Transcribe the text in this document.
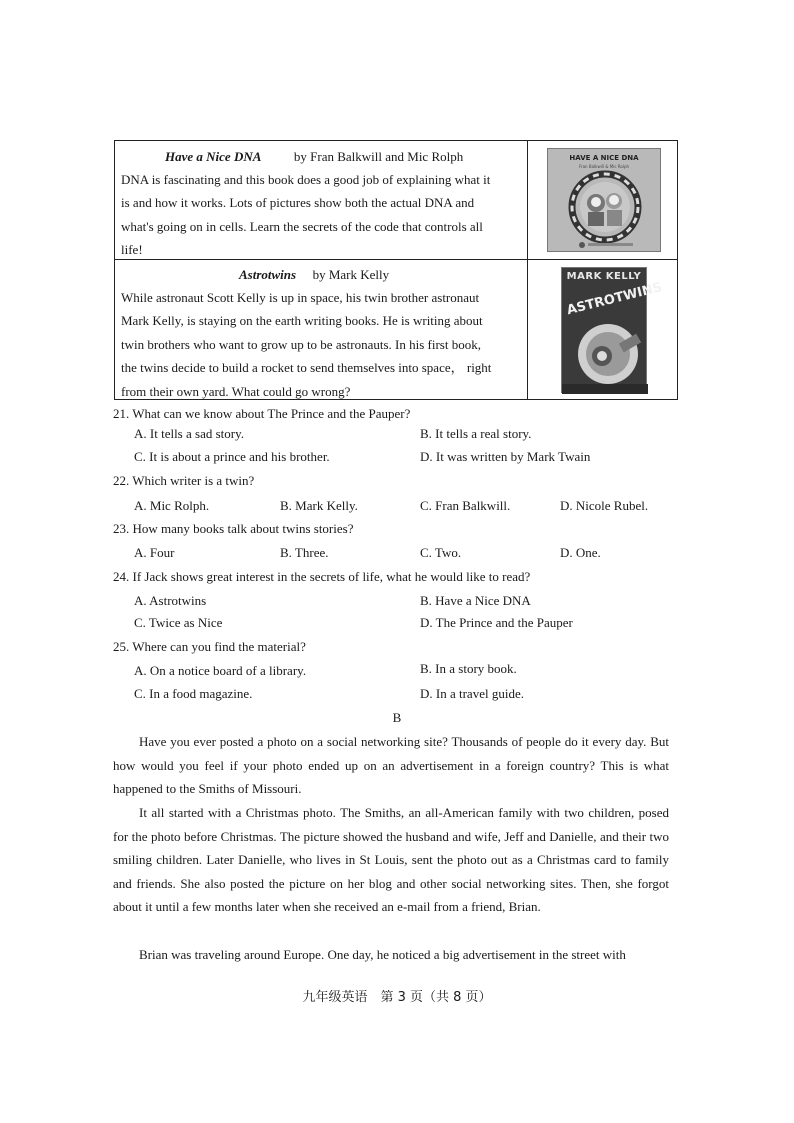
Have a Nice DNA	by Fran Balkwill and Mic Rolph
DNA is fascinating and this book does a good job of explaining what it
is and how it works. Lots of pictures show both the actual DNA and
what's going on in cells. Learn the secrets of the code that controls all
life!
HAVE A NICE DNA
Fran Balkwill & Mic Rolph
Astrotwins by Mark Kelly
While astronaut Scott Kelly is up in space, his twin brother astronaut
Mark Kelly, is staying on the earth writing books. He is writing about
twin brothers who want to grow up to be astronauts. In his first book,
the twins decide to build a rocket to send themselves into space， right
from their own yard. What could go wrong?
MARK KELLY
ASTROTWINS
21. What can we know about The Prince and the Pauper?
A. It tells a sad story.	B. It tells a real story.
C. It is about a prince and his brother.	D. It was written by Mark Twain
22. Which writer is a twin?
A. Mic Rolph.	B. Mark Kelly.	C. Fran Balkwill.	D. Nicole Rubel.
23. How many books talk about twins stories?
A. Four	B. Three.	C. Two.	D. One.
24. If Jack shows great interest in the secrets of life, what he would like to read?
A. Astrotwins	B. Have a Nice DNA
C. Twice as Nice	D. The Prince and the Pauper
25. Where can you find the material?
A. On a notice board of a library.	B. In a story book.
C. In a food magazine.	D. In a travel guide.
B
Have you ever posted a photo on a social networking site? Thousands of people do it every day. But how would you feel if your photo ended up on an advertisement in a foreign country? This is what happened to the Smiths of Missouri.
It all started with a Christmas photo. The Smiths, an all-American family with two children, posed for the photo before Christmas. The picture showed the husband and wife, Jeff and Danielle, and their two smiling children. Later Danielle, who lives in St Louis, sent the photo out as a Christmas card to family and friends. She also posted the picture on her blog and other social networking sites. Then, she forgot about it until a few months later when she received an e-mail from a friend, Brian.
Brian was traveling around Europe. One day, he noticed a big advertisement in the street with
九年级英语　第 3 页（共 8 页）
